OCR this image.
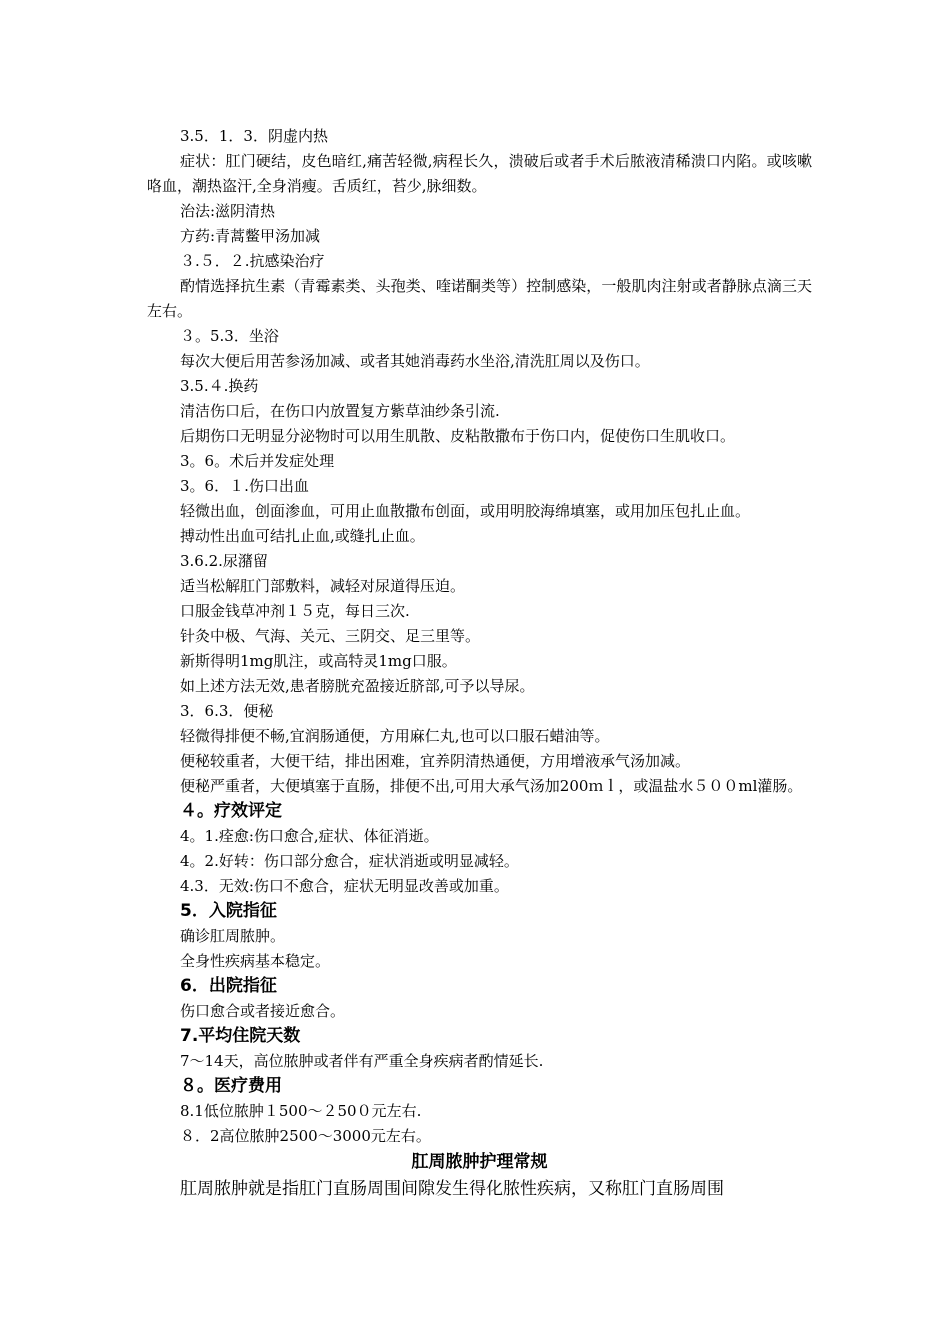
3.5．1．3．阴虚内热

症状：肛门硬结，皮色暗红,痛苦轻微,病程长久，溃破后或者手术后脓液清稀溃口内陷。或咳嗽咯血，潮热盗汗,全身消瘦。舌质红，苔少,脉细数。

治法:滋阴清热

方药:青蒿鳖甲汤加减

３.５．２.抗感染治疗

酌情选择抗生素（青霉素类、头孢类、喹诺酮类等）控制感染，一般肌肉注射或者静脉点滴三天左右。

３。5.3．坐浴

每次大便后用苦参汤加减、或者其她消毒药水坐浴,清洗肛周以及伤口。

3.5.４.换药

清洁伤口后，在伤口内放置复方紫草油纱条引流.

后期伤口无明显分泌物时可以用生肌散、皮粘散撒布于伤口内，促使伤口生肌收口。

3。6。术后并发症处理

3。6．１.伤口出血

轻微出血，创面渗血，可用止血散撒布创面，或用明胶海绵填塞，或用加压包扎止血。

搏动性出血可结扎止血,或缝扎止血。

3.6.2.尿潴留

适当松解肛门部敷料，减轻对尿道得压迫。

口服金钱草冲剂１５克，每日三次.

针灸中极、气海、关元、三阴交、足三里等。

新斯得明1mg肌注，或高特灵1mg口服。

如上述方法无效,患者膀胱充盈接近脐部,可予以导尿。

3．6.3．便秘

轻微得排便不畅,宜润肠通便，方用麻仁丸,也可以口服石蜡油等。

便秘较重者，大便干结，排出困难，宜养阴清热通便，方用增液承气汤加减。

便秘严重者，大便填塞于直肠，排便不出,可用大承气汤加200ｍｌ，或温盐水５００ml灌肠。

４。疗效评定

4。1.痊愈:伤口愈合,症状、体征消逝。

4。2.好转：伤口部分愈合，症状消逝或明显减轻。

4.3．无效:伤口不愈合，症状无明显改善或加重。

5．入院指征

确诊肛周脓肿。

全身性疾病基本稳定。

6．出院指征

伤口愈合或者接近愈合。

7.平均住院天数

7～14天，高位脓肿或者伴有严重全身疾病者酌情延长.

８。医疗费用

8.1低位脓肿１500～２50０元左右.

８．2高位脓肿2500～3000元左右。

肛周脓肿护理常规

肛周脓肿就是指肛门直肠周围间隙发生得化脓性疾病，又称肛门直肠周围
